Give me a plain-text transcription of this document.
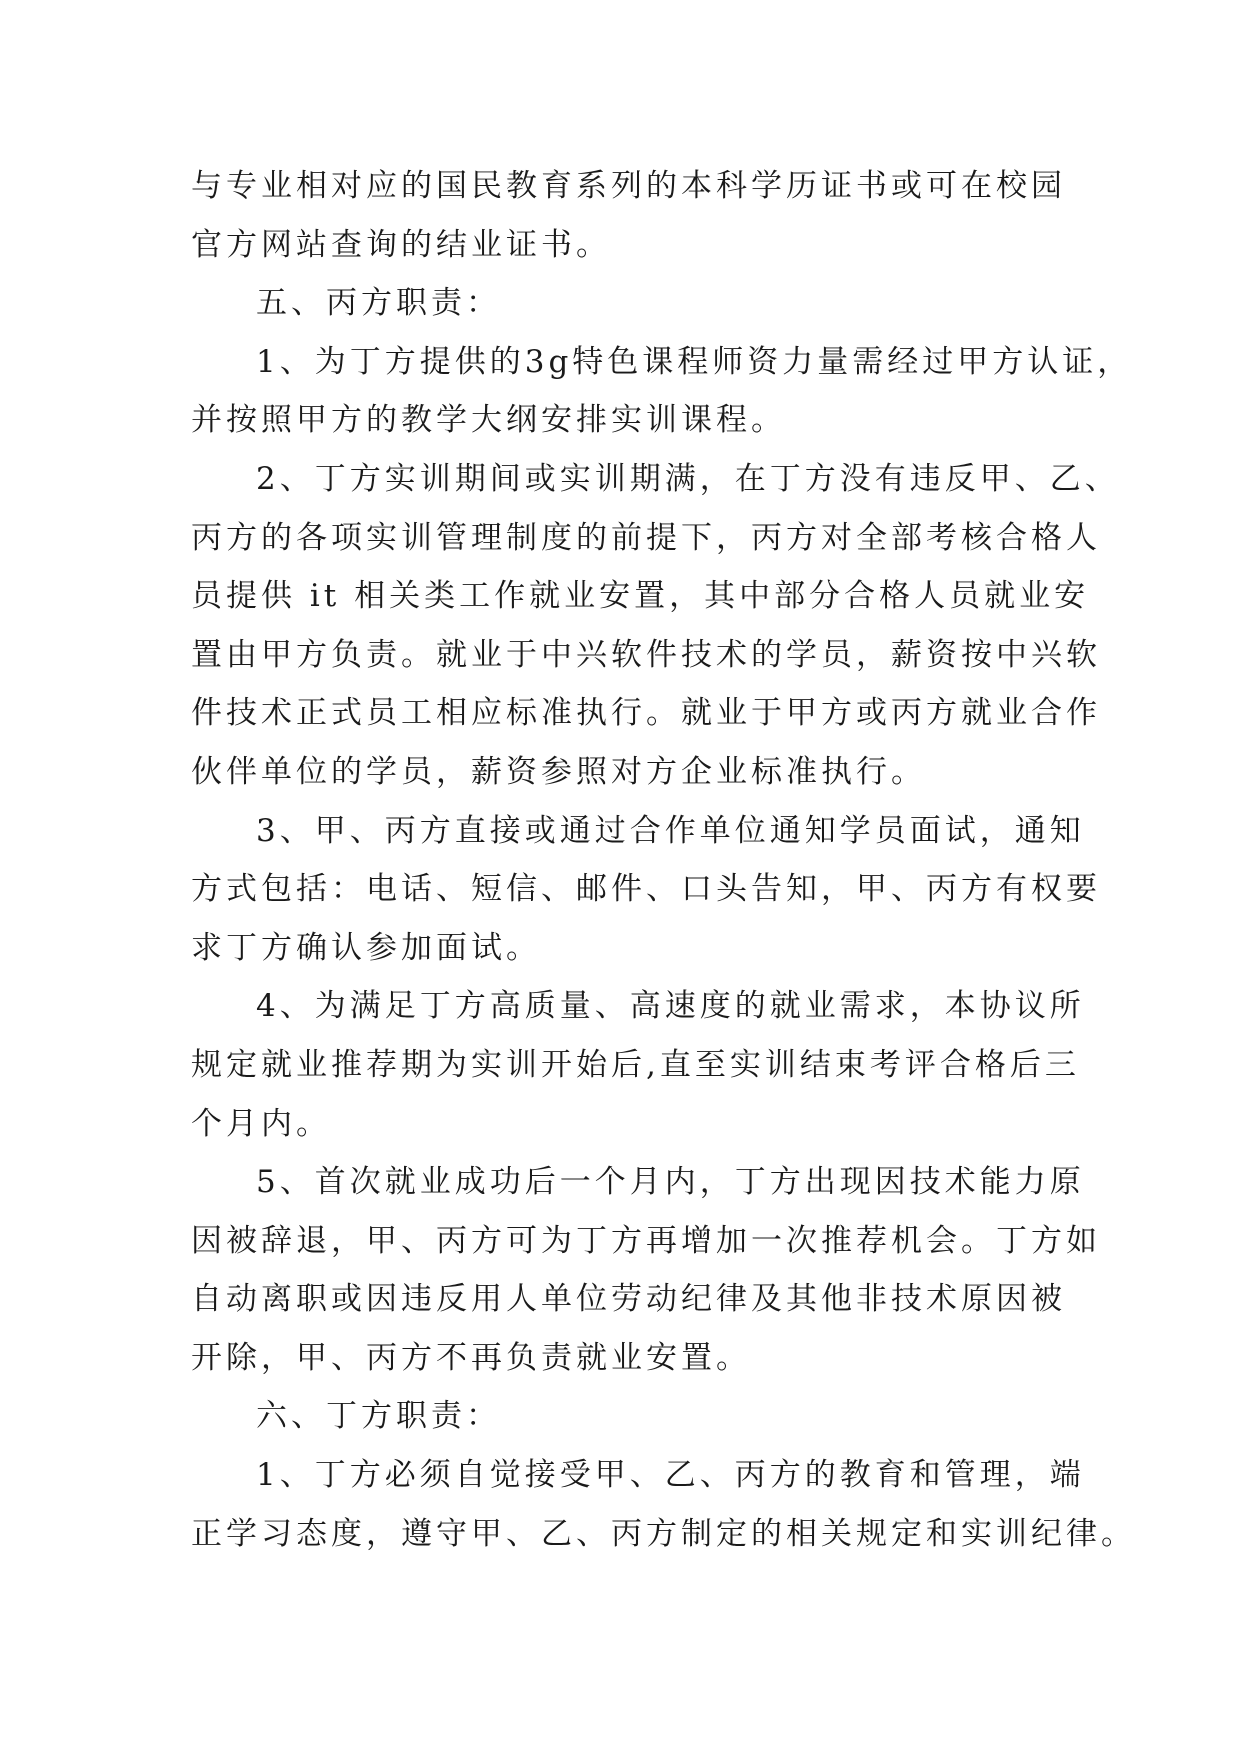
与专业相对应的国民教育系列的本科学历证书或可在校园
官方网站查询的结业证书。
五、丙方职责：
1、为丁方提供的3g特色课程师资力量需经过甲方认证，
并按照甲方的教学大纲安排实训课程。
2、丁方实训期间或实训期满，在丁方没有违反甲、乙、
丙方的各项实训管理制度的前提下，丙方对全部考核合格人
员提供 it 相关类工作就业安置，其中部分合格人员就业安
置由甲方负责。就业于中兴软件技术的学员，薪资按中兴软
件技术正式员工相应标准执行。就业于甲方或丙方就业合作
伙伴单位的学员，薪资参照对方企业标准执行。
3、甲、丙方直接或通过合作单位通知学员面试，通知
方式包括：电话、短信、邮件、口头告知，甲、丙方有权要
求丁方确认参加面试。
4、为满足丁方高质量、高速度的就业需求，本协议所
规定就业推荐期为实训开始后,直至实训结束考评合格后三
个月内。
5、首次就业成功后一个月内，丁方出现因技术能力原
因被辞退，甲、丙方可为丁方再增加一次推荐机会。丁方如
自动离职或因违反用人单位劳动纪律及其他非技术原因被
开除，甲、丙方不再负责就业安置。
六、丁方职责：
1、丁方必须自觉接受甲、乙、丙方的教育和管理，端
正学习态度，遵守甲、乙、丙方制定的相关规定和实训纪律。
